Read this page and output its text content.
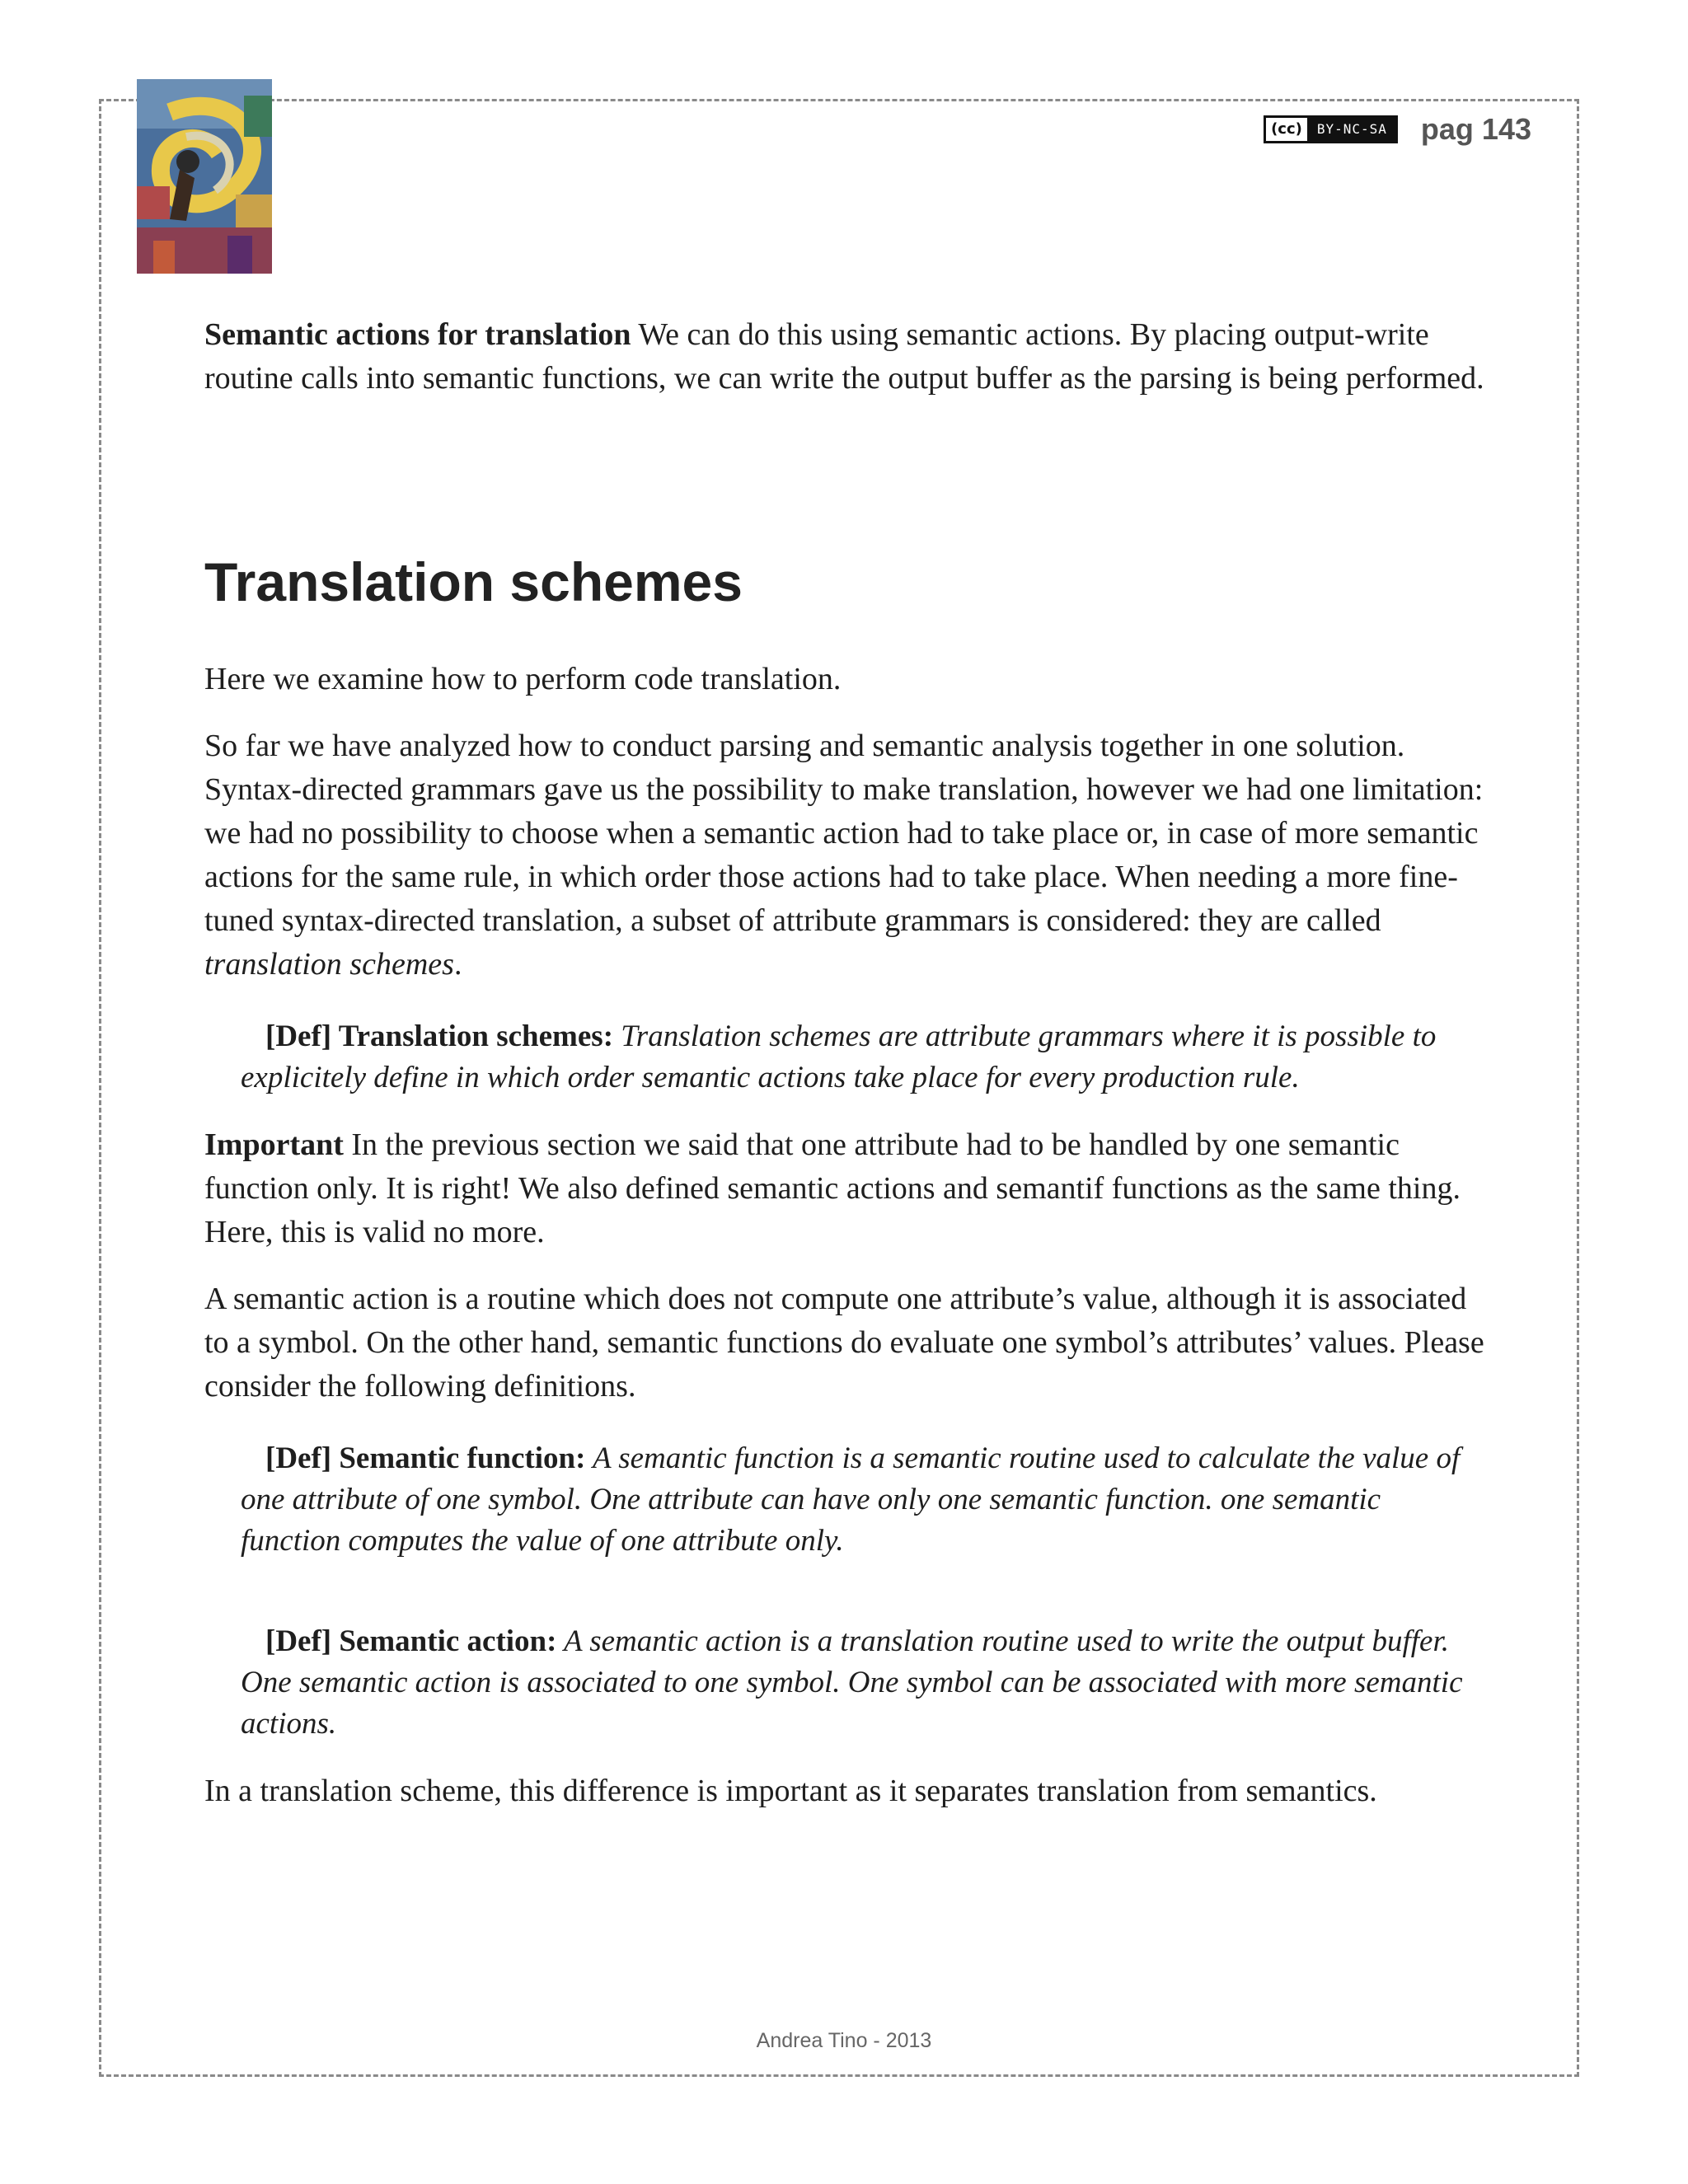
(cc)	BY-NC-SA pag 143

Semantic actions for translation We can do this using semantic actions. By placing output-write routine calls into semantic functions, we can write the output buffer as the parsing is being performed.

Translation schemes

Here we examine how to perform code translation.

So far we have analyzed how to conduct parsing and semantic analysis together in one solution. Syntax-directed grammars gave us the possibility to make translation, however we had one limitation: we had no possibility to choose when a semantic action had to take place or, in case of more semantic actions for the same rule, in which order those actions had to take place. When needing a more fine-tuned syntax-directed translation, a subset of attribute grammars is considered: they are called translation schemes.

[Def] Translation schemes: Translation schemes are attribute grammars where it is possible to explicitely define in which order semantic actions take place for every production rule.

Important In the previous section we said that one attribute had to be handled by one semantic function only. It is right! We also defined semantic actions and semantif functions as the same thing. Here, this is valid no more.

A semantic action is a routine which does not compute one attribute’s value, although it is associated to a symbol. On the other hand, semantic functions do evaluate one symbol’s attributes’ values. Please consider the following definitions.

[Def] Semantic function: A semantic function is a semantic routine used to calculate the value of one attribute of one symbol. One attribute can have only one semantic function. one semantic function computes the value of one attribute only.

[Def] Semantic action: A semantic action is a translation routine used to write the output buffer. One semantic action is associated to one symbol. One symbol can be associated with more semantic actions.

In a translation scheme, this difference is important as it separates translation from semantics.

Andrea Tino - 2013
